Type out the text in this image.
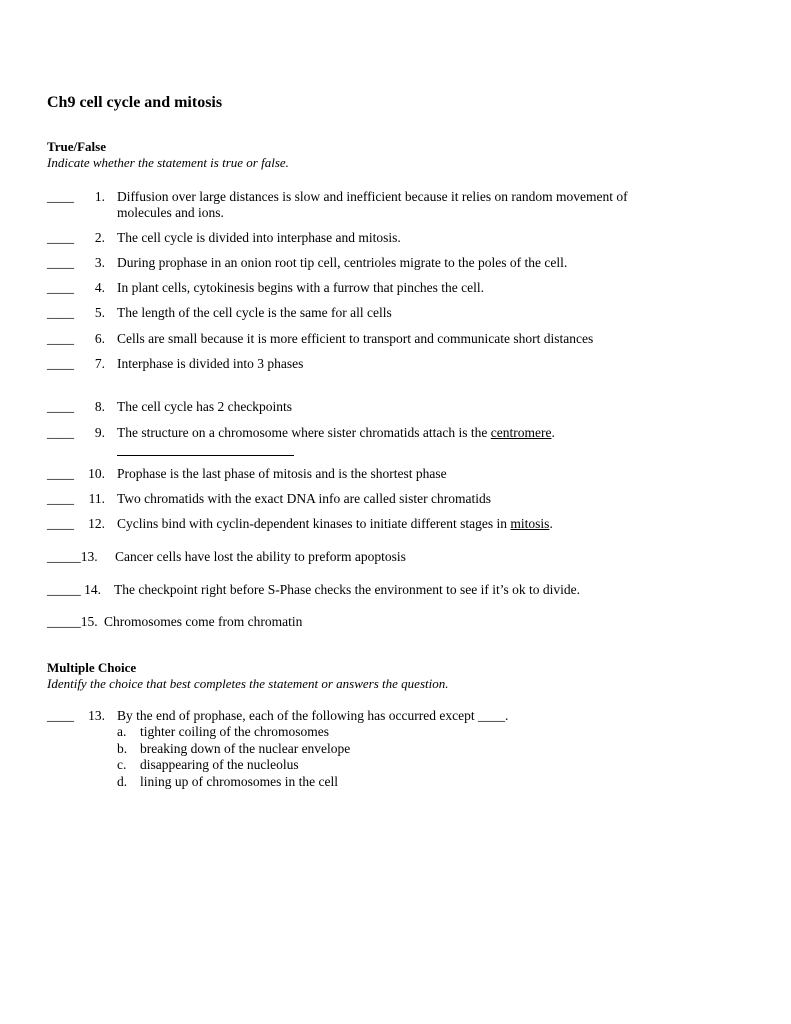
Ch9 cell cycle and mitosis
True/False
Indicate whether the statement is true or false.
____	1. Diffusion over large distances is slow and inefficient because it relies on random movement of
molecules and ions.
____	2. The cell cycle is divided into interphase and mitosis.
____	3. During prophase in an onion root tip cell, centrioles migrate to the poles of the cell.
____	4. In plant cells, cytokinesis begins with a furrow that pinches the cell.
____	5. The length of the cell cycle is the same for all cells
____	6. Cells are small because it is more efficient to transport and communicate short distances
____	7. Interphase is divided into 3 phases
____	8. The cell cycle has 2 checkpoints
____	9. The structure on a chromosome where sister chromatids attach is the centromere.
____	10. Prophase is the last phase of mitosis and is the shortest phase
____	11. Two chromatids with the exact DNA info are called sister chromatids
____	12. Cyclins bind with cyclin-dependent kinases to initiate different stages in mitosis.
_____13. Cancer cells have lost the ability to preform apoptosis
_____ 14. The checkpoint right before S-Phase checks the environment to see if it’s ok to divide.
_____15. Chromosomes come from chromatin
Multiple Choice
Identify the choice that best completes the statement or answers the question.
____	13. By the end of prophase, each of the following has occurred except ____.
a. tighter coiling of the chromosomes
b. breaking down of the nuclear envelope
c. disappearing of the nucleolus
d. lining up of chromosomes in the cell
